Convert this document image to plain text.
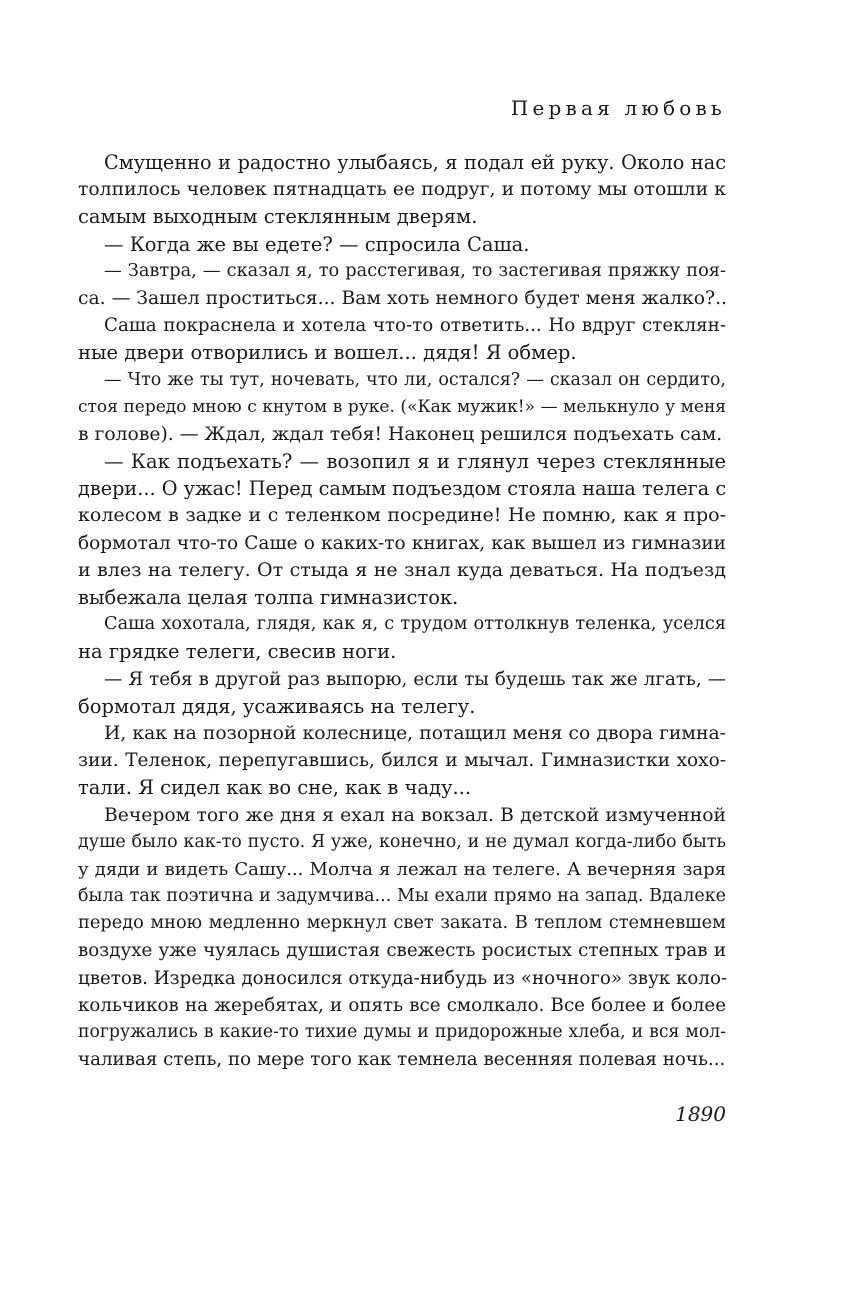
Первая любовь
Смущенно и радостно улыбаясь, я подал ей руку. Около нас
толпилось человек пятнадцать ее подруг, и потому мы отошли к
самым выходным стеклянным дверям.
— Когда же вы едете? — спросила Саша.
— Завтра, — сказал я, то расстегивая, то застегивая пряжку поя-
са. — Зашел проститься... Вам хоть немного будет меня жалко?..
Саша покраснела и хотела что-то ответить... Но вдруг стеклян-
ные двери отворились и вошел... дядя! Я обмер.
— Что же ты тут, ночевать, что ли, остался? — сказал он сердито,
стоя передо мною с кнутом в руке. («Как мужик!» — мелькнуло у меня
в голове). — Ждал, ждал тебя! Наконец решился подъехать сам.
— Как подъехать? — возопил я и глянул через стеклянные
двери... О ужас! Перед самым подъездом стояла наша телега с
колесом в задке и с теленком посредине! Не помню, как я про-
бормотал что-то Саше о каких-то книгах, как вышел из гимназии
и влез на телегу. От стыда я не знал куда деваться. На подъезд
выбежала целая толпа гимназисток.
Саша хохотала, глядя, как я, с трудом оттолкнув теленка, уселся
на грядке телеги, свесив ноги.
— Я тебя в другой раз выпорю, если ты будешь так же лгать, —
бормотал дядя, усаживаясь на телегу.
И, как на позорной колеснице, потащил меня со двора гимна-
зии. Теленок, перепугавшись, бился и мычал. Гимназистки хохо-
тали. Я сидел как во сне, как в чаду...
Вечером того же дня я ехал на вокзал. В детской измученной
душе было как-то пусто. Я уже, конечно, и не думал когда-либо быть
у дяди и видеть Сашу... Молча я лежал на телеге. А вечерняя заря
была так поэтична и задумчива... Мы ехали прямо на запад. Вдалеке
передо мною медленно меркнул свет заката. В теплом стемневшем
воздухе уже чуялась душистая свежесть росистых степных трав и
цветов. Изредка доносился откуда-нибудь из «ночного» звук коло-
кольчиков на жеребятах, и опять все смолкало. Все более и более
погружались в какие-то тихие думы и придорожные хлеба, и вся мол-
чаливая степь, по мере того как темнела весенняя полевая ночь...
1890
